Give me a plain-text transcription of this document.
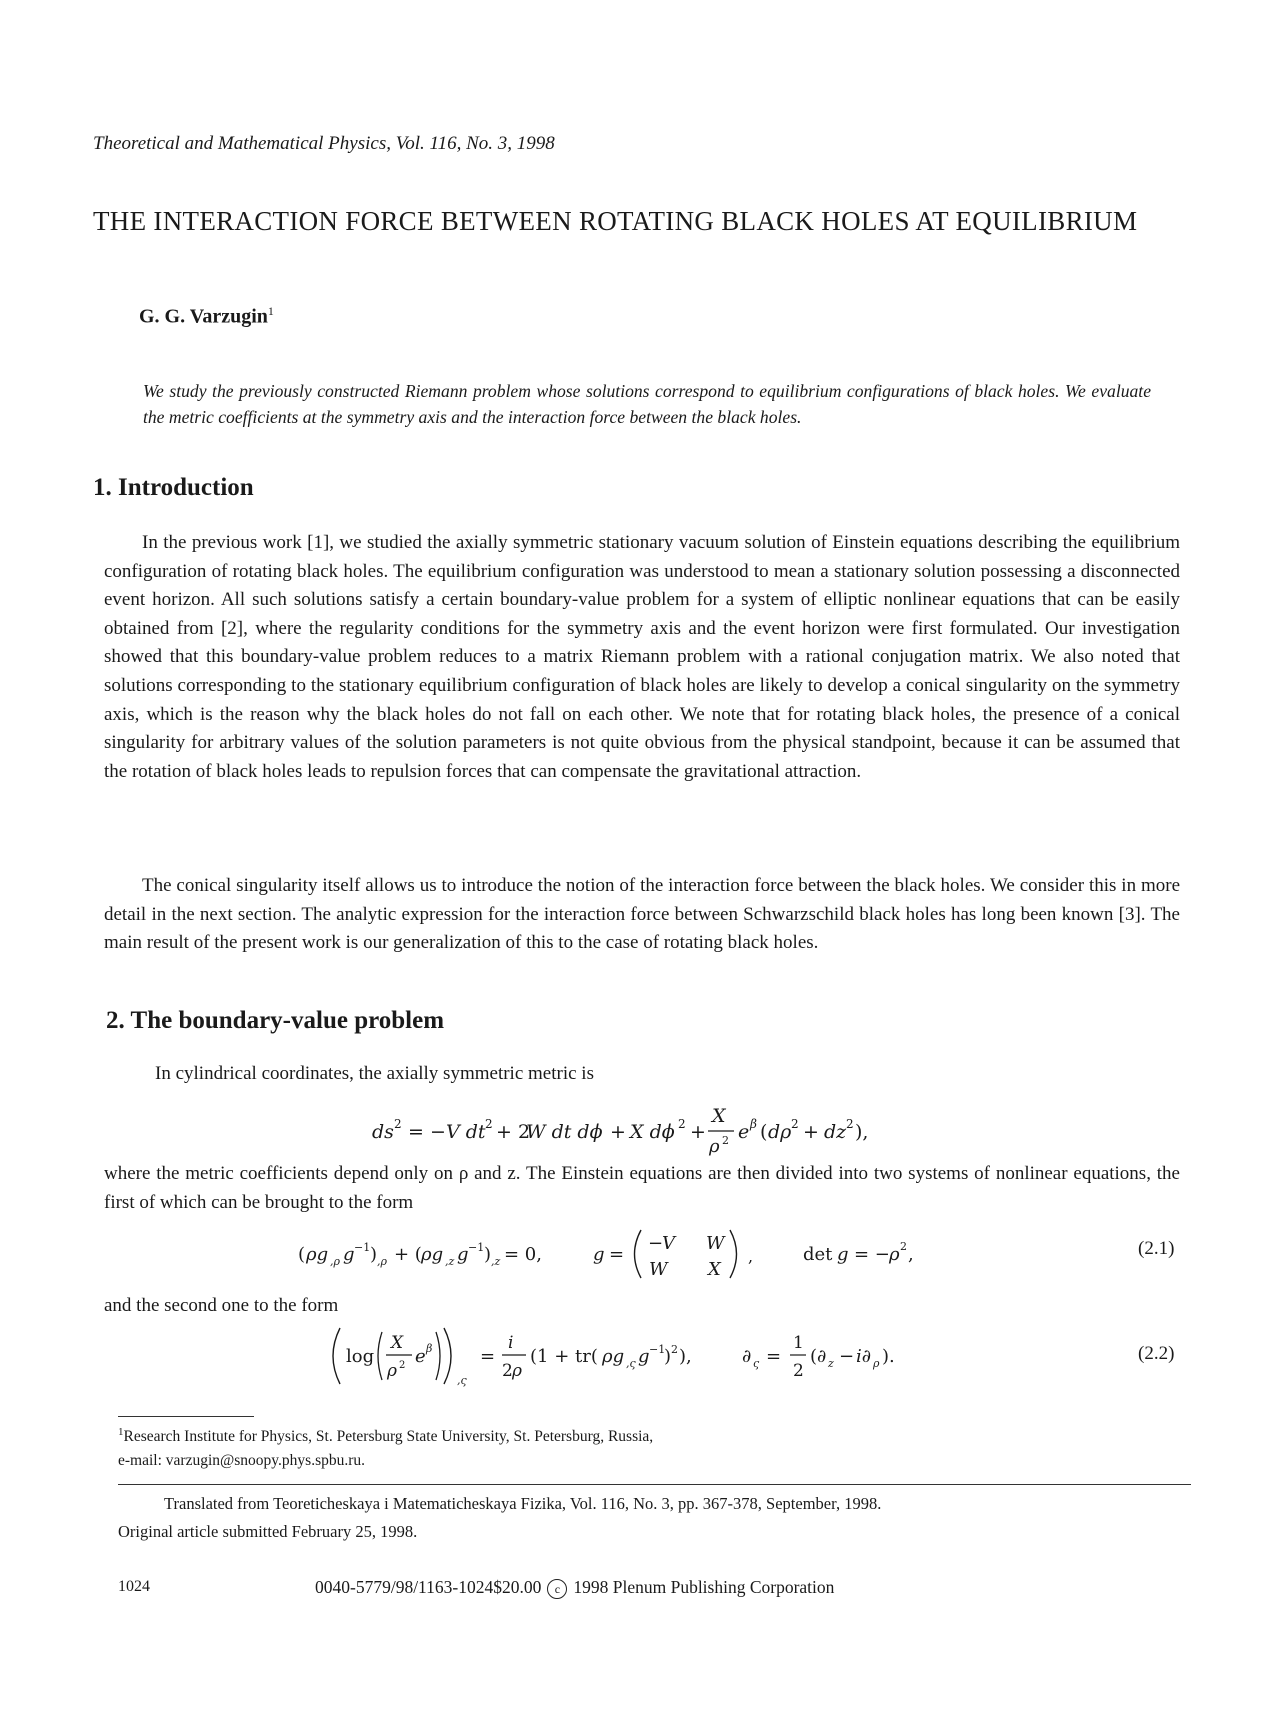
Theoretical and Mathematical Physics, Vol. 116, No. 3, 1998
THE INTERACTION FORCE BETWEEN ROTATING BLACK HOLES AT EQUILIBRIUM
G. G. Varzugin$^1$
We study the previously constructed Riemann problem whose solutions correspond to equilibrium configurations of black holes. We evaluate the metric coefficients at the symmetry axis and the interaction force between the black holes.
1. Introduction
In the previous work [1], we studied the axially symmetric stationary vacuum solution of Einstein equations describing the equilibrium configuration of rotating black holes. The equilibrium configuration was understood to mean a stationary solution possessing a disconnected event horizon. All such solutions satisfy a certain boundary-value problem for a system of elliptic nonlinear equations that can be easily obtained from [2], where the regularity conditions for the symmetry axis and the event horizon were first formulated. Our investigation showed that this boundary-value problem reduces to a matrix Riemann problem with a rational conjugation matrix. We also noted that solutions corresponding to the stationary equilibrium configuration of black holes are likely to develop a conical singularity on the symmetry axis, which is the reason why the black holes do not fall on each other. We note that for rotating black holes, the presence of a conical singularity for arbitrary values of the solution parameters is not quite obvious from the physical standpoint, because it can be assumed that the rotation of black holes leads to repulsion forces that can compensate the gravitational attraction.
The conical singularity itself allows us to introduce the notion of the interaction force between the black holes. We consider this in more detail in the next section. The analytic expression for the interaction force between Schwarzschild black holes has long been known [3]. The main result of the present work is our generalization of this to the case of rotating black holes.
2. The boundary-value problem
In cylindrical coordinates, the axially symmetric metric is
ds 2 = − V dt 2 + 2
W dt dϕ + X dϕ 2 +
X
ρ 2 e β ( dρ 2 + dz 2 ),
where the metric coefficients depend only on ρ and z. The Einstein equations are then divided into two systems of nonlinear equations, the first of which can be brought to the form
( ρg ,ρ g −1 ) ,ρ + ( ρg ,z g −1 ) ,z = 0,	g =
−
V W
W X
,	det g = − ρ 2 ,	(2.1)
and the second one to the form
log
X
ρ 2 e β
,ς
=
i
2 ρ
(1 + tr( ρg ,ς g −1
) 2 ),	∂ ς =
1
2
( ∂ z − i∂ ρ ).	(2.2)
$^1$Research Institute for Physics, St. Petersburg State University, St. Petersburg, Russia,
e-mail: varzugin@snoopy.phys.spbu.ru.
Translated from Teoreticheskaya i Matematicheskaya Fizika, Vol. 116, No. 3, pp. 367-378, September, 1998.
Original article submitted February 25, 1998.
1024	0040-5779/98/1163-1024$20.00 c 1998 Plenum Publishing Corporation
